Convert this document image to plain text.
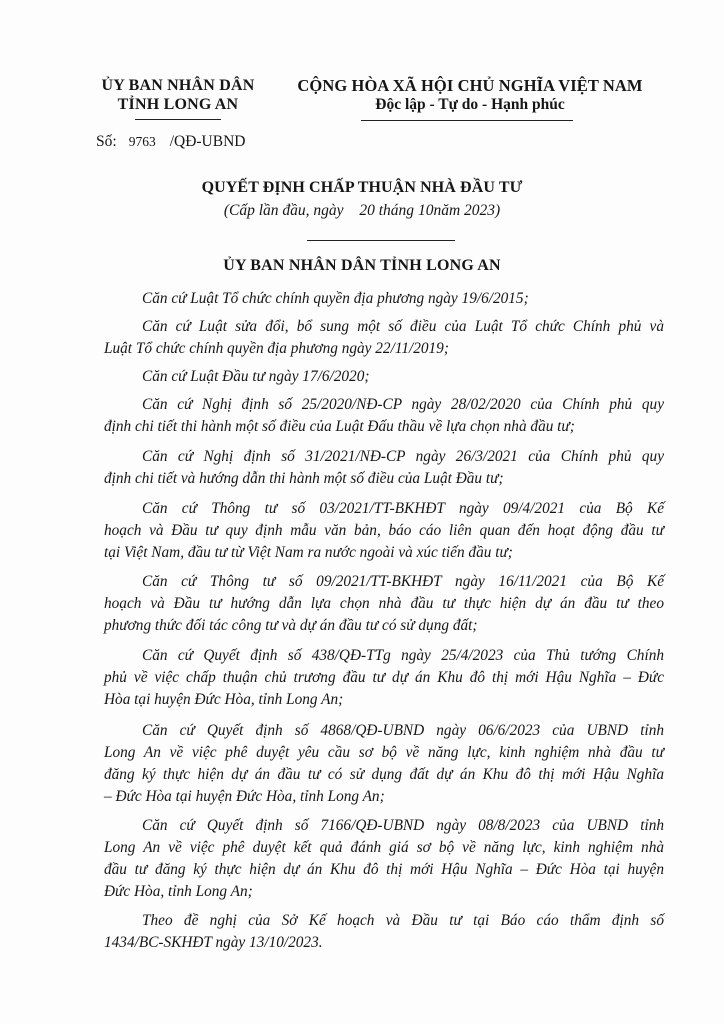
ỦY BAN NHÂN DÂN
TỈNH LONG AN
CỘNG HÒA XÃ HỘI CHỦ NGHĨA VIỆT NAM
Độc lập - Tự do - Hạnh phúc
Số: 9763 /QĐ-UBND
QUYẾT ĐỊNH CHẤP THUẬN NHÀ ĐẦU TƯ
(Cấp lần đầu, ngày 20 tháng 10năm 2023)
ỦY BAN NHÂN DÂN TỈNH LONG AN
Căn cứ Luật Tổ chức chính quyền địa phương ngày 19/6/2015;
Căn cứ Luật sửa đổi, bổ sung một số điều của Luật Tổ chức Chính phủ và
Luật Tổ chức chính quyền địa phương ngày 22/11/2019;
Căn cứ Luật Đầu tư ngày 17/6/2020;
Căn cứ Nghị định số 25/2020/NĐ-CP ngày 28/02/2020 của Chính phủ quy
định chi tiết thi hành một số điều của Luật Đấu thầu về lựa chọn nhà đầu tư;
Căn cứ Nghị định số 31/2021/NĐ-CP ngày 26/3/2021 của Chính phủ quy
định chi tiết và hướng dẫn thi hành một số điều của Luật Đầu tư;
Căn cứ Thông tư số 03/2021/TT-BKHĐT ngày 09/4/2021 của Bộ Kế
hoạch và Đầu tư quy định mẫu văn bản, báo cáo liên quan đến hoạt động đầu tư
tại Việt Nam, đầu tư từ Việt Nam ra nước ngoài và xúc tiến đầu tư;
Căn cứ Thông tư số 09/2021/TT-BKHĐT ngày 16/11/2021 của Bộ Kế
hoạch và Đầu tư hướng dẫn lựa chọn nhà đầu tư thực hiện dự án đầu tư theo
phương thức đối tác công tư và dự án đầu tư có sử dụng đất;
Căn cứ Quyết định số 438/QĐ-TTg ngày 25/4/2023 của Thủ tướng Chính
phủ về việc chấp thuận chủ trương đầu tư dự án Khu đô thị mới Hậu Nghĩa – Đức
Hòa tại huyện Đức Hòa, tỉnh Long An;
Căn cứ Quyết định số 4868/QĐ-UBND ngày 06/6/2023 của UBND tỉnh
Long An về việc phê duyệt yêu cầu sơ bộ về năng lực, kinh nghiệm nhà đầu tư
đăng ký thực hiện dự án đầu tư có sử dụng đất dự án Khu đô thị mới Hậu Nghĩa
– Đức Hòa tại huyện Đức Hòa, tỉnh Long An;
Căn cứ Quyết định số 7166/QĐ-UBND ngày 08/8/2023 của UBND tỉnh
Long An về việc phê duyệt kết quả đánh giá sơ bộ về năng lực, kinh nghiệm nhà
đầu tư đăng ký thực hiện dự án Khu đô thị mới Hậu Nghĩa – Đức Hòa tại huyện
Đức Hòa, tỉnh Long An;
Theo đề nghị của Sở Kế hoạch và Đầu tư tại Báo cáo thẩm định số
1434/BC-SKHĐT ngày 13/10/2023.
